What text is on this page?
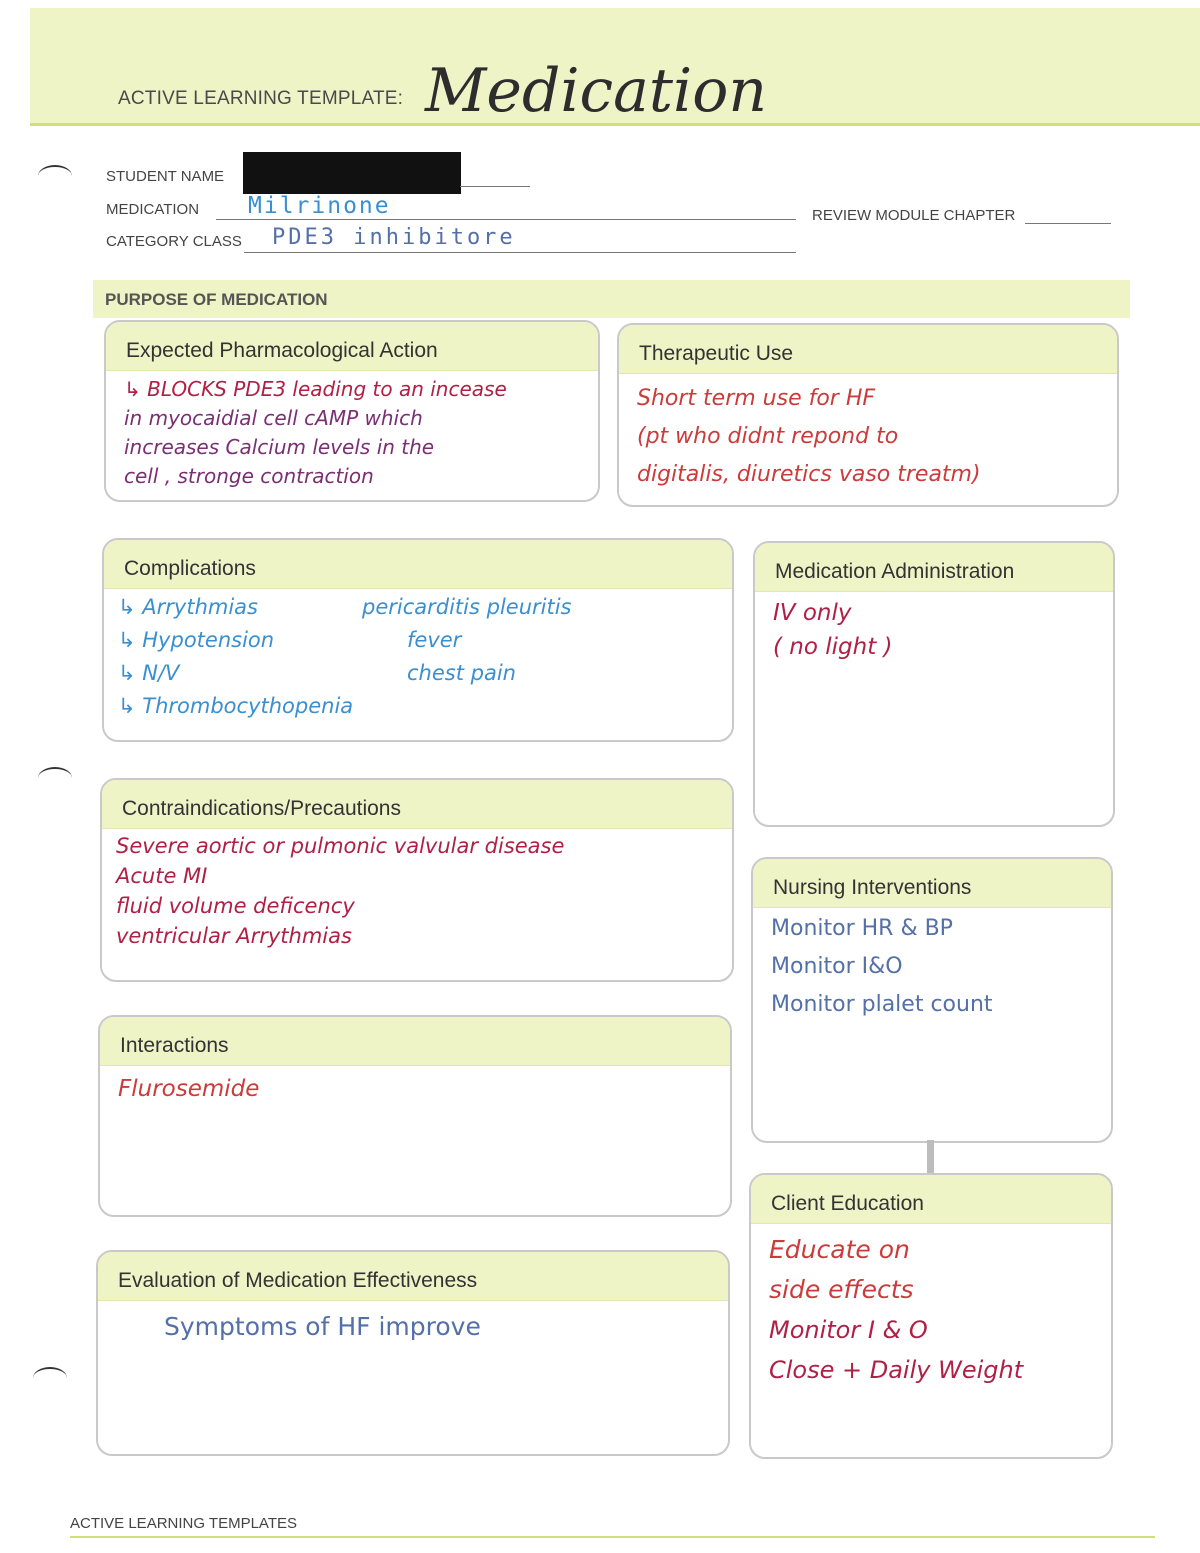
ACTIVE LEARNING TEMPLATE: Medication
STUDENT NAME
MEDICATION Milrinone	REVIEW MODULE CHAPTER
CATEGORY CLASS PDE3 inhibitore
PURPOSE OF MEDICATION
Expected Pharmacological Action
↳ BLOCKS PDE3 leading to an incease
in myocaidial cell cAMP which
increases Calcium levels in the
cell , stronge contraction
Therapeutic Use
Short term use for HF
(pt who didnt repond to
digitalis, diuretics vaso treatm)
Complications
↳ Arrythmias
↳ Hypotension
↳ N/V
↳ Thrombocythopenia
pericarditis pleuritis
fever
chest pain
Medication Administration
IV only
( no light )
Contraindications/Precautions
Severe aortic or pulmonic valvular disease
Acute MI
fluid volume deficency
ventricular Arrythmias
Nursing Interventions
Monitor HR & BP
Monitor I&O
Monitor plalet count
Interactions
Flurosemide
Client Education
Educate on
side effects
Monitor I & O
Close + Daily Weight
Evaluation of Medication Effectiveness
Symptoms of HF improve
ACTIVE LEARNING TEMPLATES
